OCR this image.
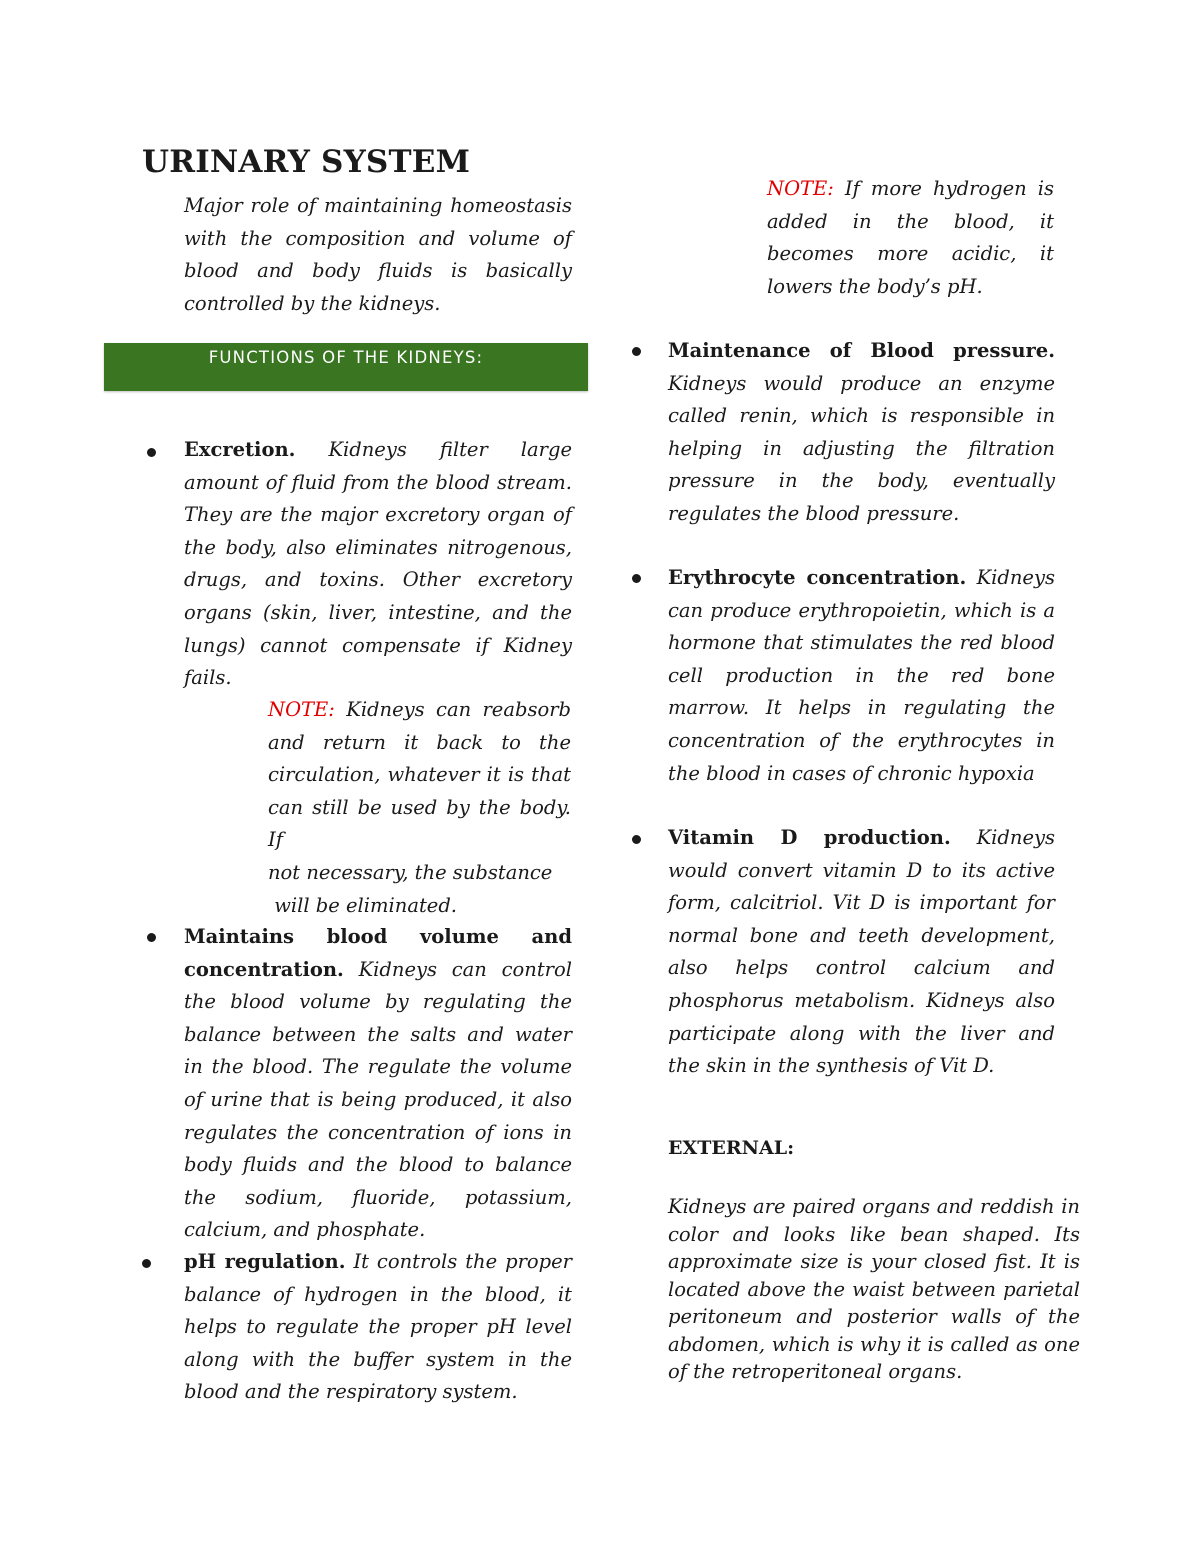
URINARY SYSTEM
Major role of maintaining homeostasis with the composition and volume of blood and body fluids is basically controlled by the kidneys.
FUNCTIONS OF THE KIDNEYS:
Excretion. Kidneys filter large amount of fluid from the blood stream. They are the major excretory organ of the body, also eliminates nitrogenous, drugs, and toxins. Other excretory organs (skin, liver, intestine, and the lungs) cannot compensate if Kidney fails.
NOTE: Kidneys can reabsorb
and return it back to the
circulation, whatever it is that
can still be used by the body. If
not necessary, the substance
will be eliminated.
Maintains blood volume and concentration. Kidneys can control the blood volume by regulating the balance between the salts and water in the blood. The regulate the volume of urine that is being produced, it also regulates the concentration of ions in body fluids and the blood to balance the sodium, fluoride, potassium, calcium, and phosphate.
pH regulation. It controls the proper balance of hydrogen in the blood, it helps to regulate the proper pH level along with the buffer system in the blood and the respiratory system.
NOTE: If more hydrogen is added in the blood, it becomes more acidic, it lowers the body’s pH.
Maintenance of Blood pressure. Kidneys would produce an enzyme called renin, which is responsible in helping in adjusting the filtration pressure in the body, eventually regulates the blood pressure.
Erythrocyte concentration. Kidneys can produce erythropoietin, which is a hormone that stimulates the red blood cell production in the red bone marrow. It helps in regulating the concentration of the erythrocytes in the blood in cases of chronic hypoxia
Vitamin D production. Kidneys would convert vitamin D to its active form, calcitriol. Vit D is important for normal bone and teeth development, also helps control calcium and phosphorus metabolism. Kidneys also participate along with the liver and the skin in the synthesis of Vit D.
EXTERNAL:
Kidneys are paired organs and reddish in color and looks like bean shaped. Its approximate size is your closed fist. It is located above the waist between parietal peritoneum and posterior walls of the abdomen, which is why it is called as one of the retroperitoneal organs.
